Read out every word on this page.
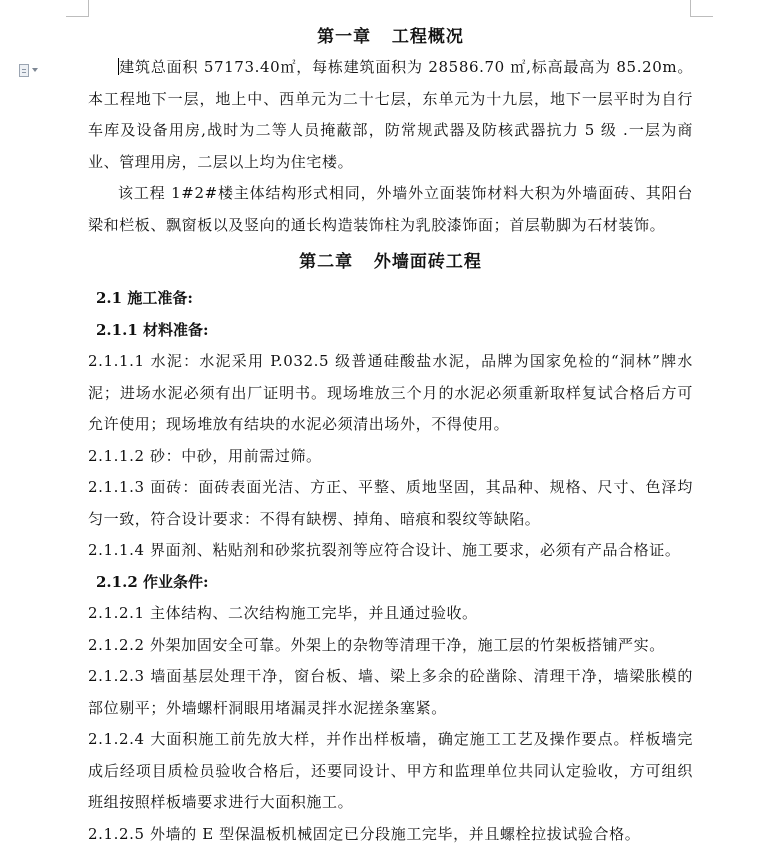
第一章   工程概况

建筑总面积 57173.40㎡，每栋建筑面积为 28586.70 ㎡,标高最高为 85.20m。本工程地下一层，地上中、西单元为二十七层，东单元为十九层，地下一层平时为自行车库及设备用房,战时为二等人员掩蔽部，防常规武器及防核武器抗力 5 级 .一层为商业、管理用房，二层以上均为住宅楼。

该工程 1#2#楼主体结构形式相同，外墙外立面装饰材料大积为外墙面砖、其阳台梁和栏板、飘窗板以及竖向的通长构造装饰柱为乳胶漆饰面；首层勒脚为石材装饰。

第二章   外墙面砖工程

2.1 施工准备:

2.1.1 材料准备:

2.1.1.1 水泥：水泥采用 P.032.5 级普通硅酸盐水泥，品牌为国家免检的“洞林”牌水泥；进场水泥必须有出厂证明书。现场堆放三个月的水泥必须重新取样复试合格后方可允许使用；现场堆放有结块的水泥必须清出场外，不得使用。

2.1.1.2 砂：中砂，用前需过筛。

2.1.1.3 面砖：面砖表面光洁、方正、平整、质地坚固，其品种、规格、尺寸、色泽均匀一致，符合设计要求：不得有缺楞、掉角、暗痕和裂纹等缺陷。

2.1.1.4 界面剂、粘贴剂和砂浆抗裂剂等应符合设计、施工要求，必须有产品合格证。

2.1.2 作业条件:

2.1.2.1 主体结构、二次结构施工完毕，并且通过验收。

2.1.2.2 外架加固安全可靠。外架上的杂物等清理干净，施工层的竹架板搭铺严实。

2.1.2.3 墙面基层处理干净，窗台板、墙、梁上多余的砼凿除、清理干净，墙梁胀模的部位剔平；外墙螺杆洞眼用堵漏灵拌水泥搓条塞紧。

2.1.2.4 大面积施工前先放大样，并作出样板墙，确定施工工艺及操作要点。样板墙完成后经项目质检员验收合格后，还要同设计、甲方和监理单位共同认定验收，方可组织班组按照样板墙要求进行大面积施工。

2.1.2.5 外墙的 E 型保温板机械固定已分段施工完毕，并且螺栓拉拔试验合格。
